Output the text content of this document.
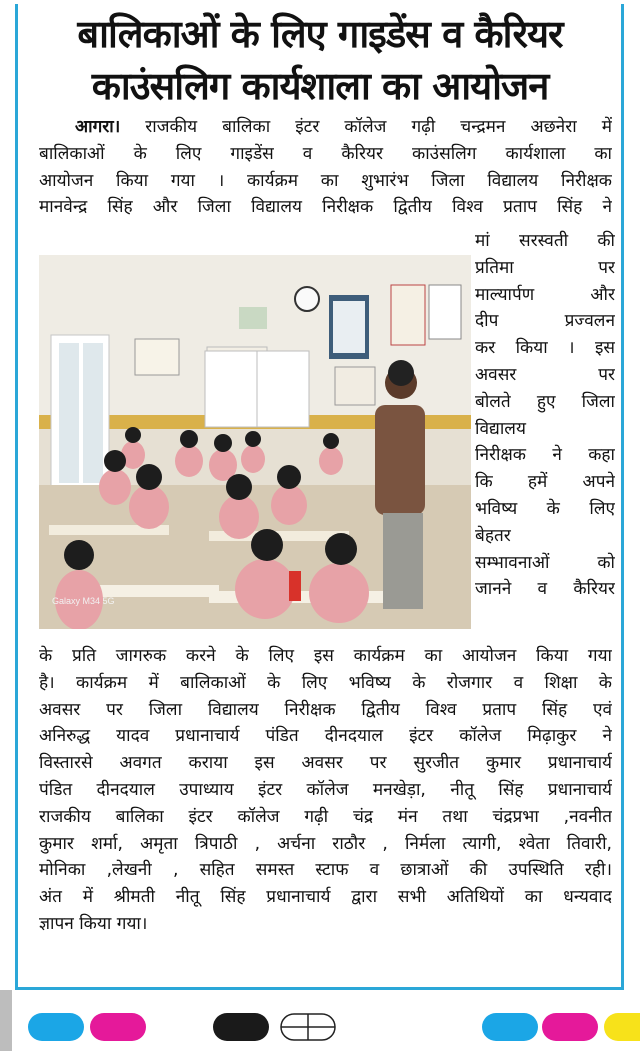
बालिकाओं के लिए गाइडेंस व कैरियर
काउंसलिग कार्यशाला का आयोजन
आगरा। राजकीय बालिका इंटर कॉलेज गढ़ी चन्द्रमन अछनेरा में
बालिकाओं के लिए गाइडेंस व कैरियर काउंसलिग कार्यशाला का
आयोजन किया गया । कार्यक्रम का शुभारंभ जिला विद्यालय निरीक्षक
मानवेन्द्र सिंह और जिला विद्यालय निरीक्षक द्वितीय विश्व प्रताप सिंह ने
Galaxy M34 5G
मां सरस्वती की
प्रतिमा पर
माल्यार्पण और
दीप प्रज्वलन
कर किया । इस
अवसर पर
बोलते हुए जिला
विद्यालय
निरीक्षक ने कहा
कि हमें अपने
भविष्य के लिए
बेहतर
सम्भावनाओं को
जानने व कैरियर
के प्रति जागरुक करने के लिए इस कार्यक्रम का आयोजन किया गया
है। कार्यक्रम में बालिकाओं के लिए भविष्य के रोजगार व शिक्षा के
अवसर पर जिला विद्यालय निरीक्षक द्वितीय विश्व प्रताप सिंह एवं
अनिरुद्ध यादव प्रधानाचार्य पंडित दीनदयाल इंटर कॉलेज मिढ़ाकुर ने
विस्तारसे अवगत कराया इस अवसर पर सुरजीत कुमार प्रधानाचार्य
पंडित दीनदयाल उपाध्याय इंटर कॉलेज मनखेड़ा, नीतू सिंह प्रधानाचार्य
राजकीय बालिका इंटर कॉलेज गढ़ी चंद्र मंन तथा चंद्रप्रभा ,नवनीत
कुमार शर्मा, अमृता त्रिपाठी , अर्चना राठौर , निर्मला त्यागी, श्वेता तिवारी,
मोनिका ,लेखनी , सहित समस्त स्टाफ व छात्राओं की उपस्थिति रही।
अंत में श्रीमती नीतू सिंह प्रधानाचार्य द्वारा सभी अतिथियों का धन्यवाद
ज्ञापन किया गया।
